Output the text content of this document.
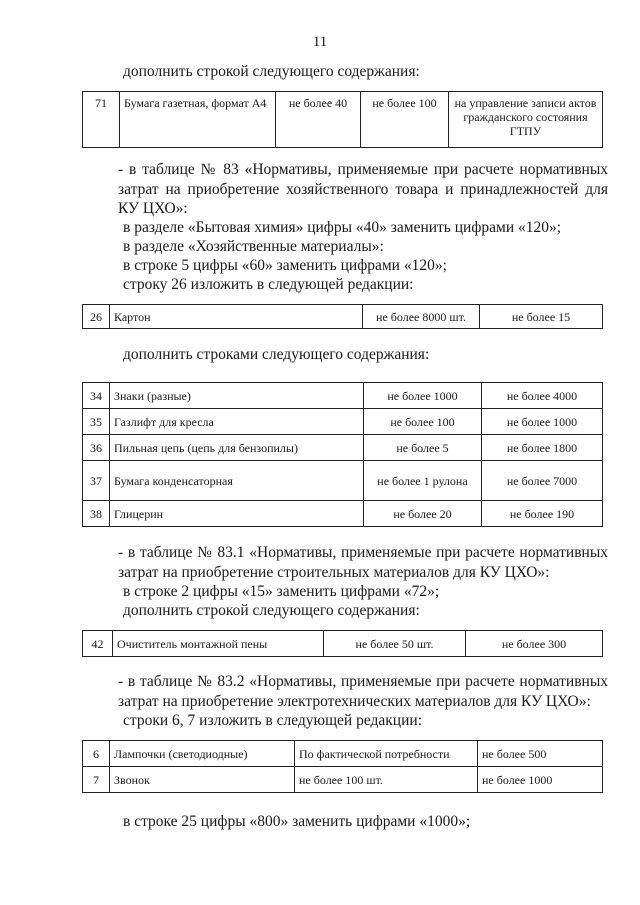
11
дополнить строкой следующего содержания:
71	Бумага газетная, формат А4	не более 40	не более 100	на управление записи актов гражданского состояния ГТПУ
- в таблице № 83 «Нормативы, применяемые при расчете нормативных затрат на приобретение хозяйственного товара и принадлежностей для КУ ЦХО»:
в разделе «Бытовая химия» цифры «40» заменить цифрами «120»;
в разделе «Хозяйственные материалы»:
в строке 5 цифры «60» заменить цифрами «120»;
строку 26 изложить в следующей редакции:
26	Картон	не более 8000 шт.	не более 15
дополнить строками следующего содержания:
34	Знаки (разные)	не более 1000	не более 4000
35	Газлифт для кресла	не более 100	не более 1000
36	Пильная цепь (цепь для бензопилы)	не более 5	не более 1800
37	Бумага конденсаторная	не более 1 рулона	не более 7000
38	Глицерин	не более 20	не более 190
- в таблице № 83.1 «Нормативы, применяемые при расчете нормативных затрат на приобретение строительных материалов для КУ ЦХО»:
в строке 2 цифры «15» заменить цифрами «72»;
дополнить строкой следующего содержания:
42	Очиститель монтажной пены	не более 50 шт.	не более 300
- в таблице № 83.2 «Нормативы, применяемые при расчете нормативных затрат на приобретение электротехнических материалов для КУ ЦХО»:
строки 6, 7 изложить в следующей редакции:
6	Лампочки (светодиодные)	По фактической потребности	не более 500
7	Звонок	не более 100 шт.	не более 1000
в строке 25 цифры «800» заменить цифрами «1000»;
